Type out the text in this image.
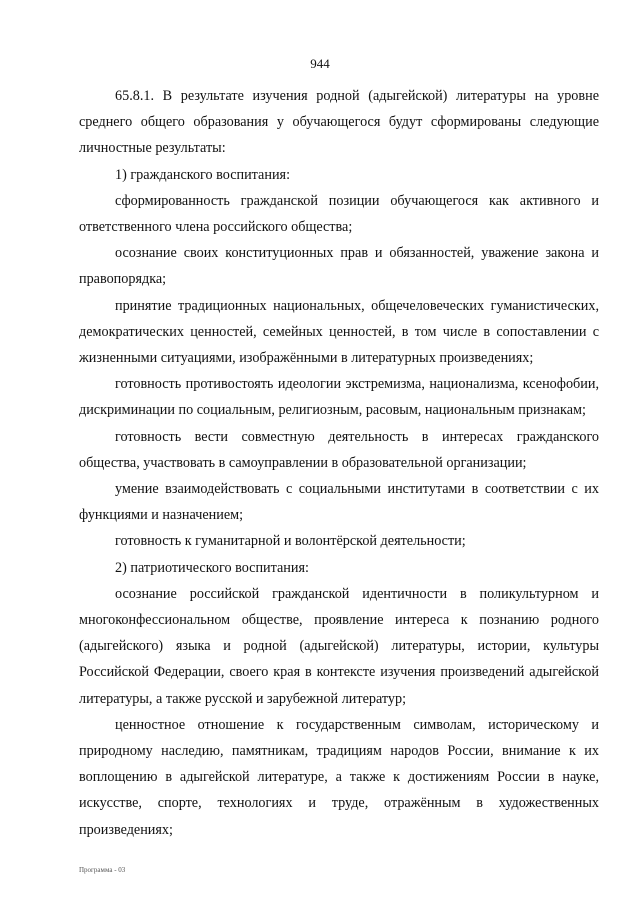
944

65.8.1. В результате изучения родной (адыгейской) литературы на уровне среднего общего образования у обучающегося будут сформированы следующие личностные результаты:

1) гражданского воспитания:

сформированность гражданской позиции обучающегося как активного и ответственного члена российского общества;

осознание своих конституционных прав и обязанностей, уважение закона и правопорядка;

принятие традиционных национальных, общечеловеческих гуманистических, демократических ценностей, семейных ценностей, в том числе в сопоставлении с жизненными ситуациями, изображёнными в литературных произведениях;

готовность противостоять идеологии экстремизма, национализма, ксенофобии, дискриминации по социальным, религиозным, расовым, национальным признакам;

готовность вести совместную деятельность в интересах гражданского общества, участвовать в самоуправлении в образовательной организации;

умение взаимодействовать с социальными институтами в соответствии с их функциями и назначением;

готовность к гуманитарной и волонтёрской деятельности;

2) патриотического воспитания:

осознание российской гражданской идентичности в поликультурном и многоконфессиональном обществе, проявление интереса к познанию родного (адыгейского) языка и родной (адыгейской) литературы, истории, культуры Российской Федерации, своего края в контексте изучения произведений адыгейской литературы, а также русской и зарубежной литератур;

ценностное отношение к государственным символам, историческому и природному наследию, памятникам, традициям народов России, внимание к их воплощению в адыгейской литературе, а также к достижениям России в науке, искусстве, спорте, технологиях и труде, отражённым в художественных произведениях;

Программа - 03
